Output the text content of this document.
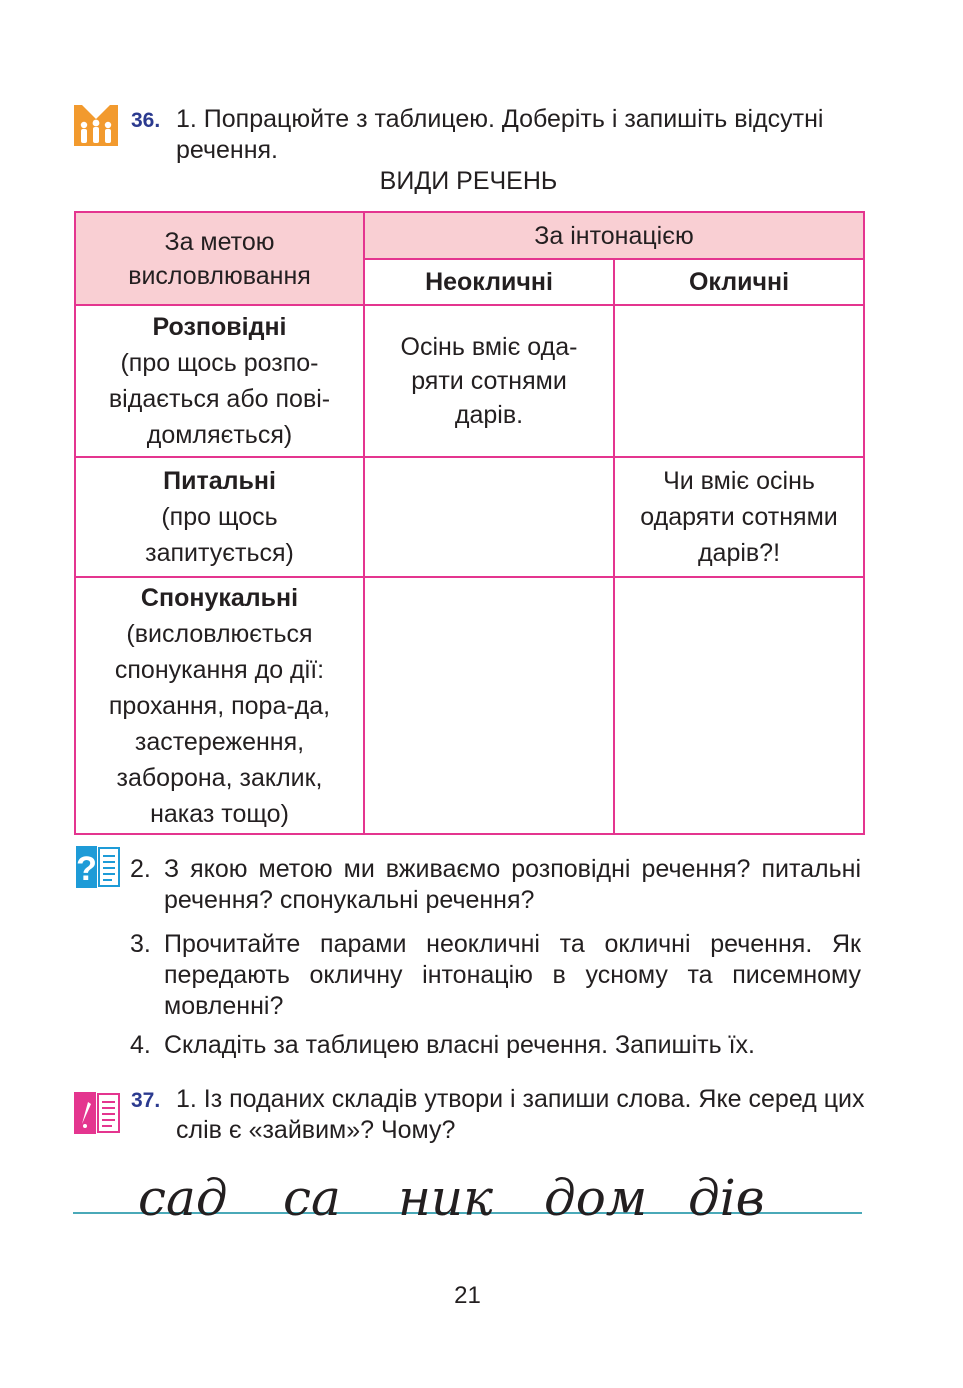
36. 1. Попрацюйте з таблицею. Доберіть і запишіть відсутні речення.
ВИДИ РЕЧЕНЬ
За метою висловлювання	За інтонацією	
	Неокличні	Окличні

Розповідні
(про щось розпо-відається або пові-домляється)	Осінь вміє ода-ряти сотнями дарів.	

Питальні
(про щось запитується)		Чи вміє осінь одаряти сотнями дарів?!

Спонукальні
(висловлюється спонукання до дії: прохання, пора-да, застереження, заборона, заклик, наказ тощо)		

? 2. З якою метою ми вживаємо розповідні речення? питальні речення? спонукальні речення?
3. Прочитайте парами неокличні та окличні речення. Як передають окличну інтонацію в усному та писемному мовленні?
4. Складіть за таблицею власні речення. Запишіть їх.
37. 1. Із поданих складів утвори і запиши слова. Яке серед цих слів є «зайвим»? Чому?
сад са ник дом дів
21
